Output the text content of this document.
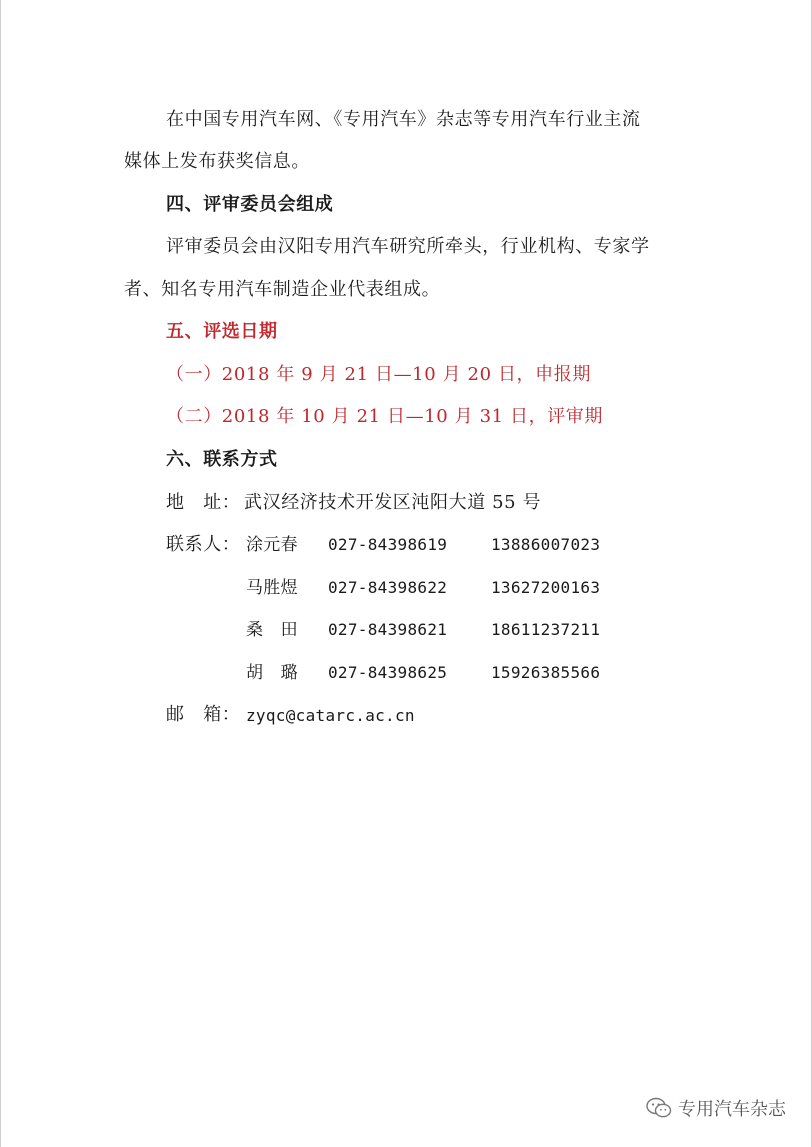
在中国专用汽车网、《专用汽车》杂志等专用汽车行业主流
媒体上发布获奖信息。
四、评审委员会组成
评审委员会由汉阳专用汽车研究所牵头，行业机构、专家学
者、知名专用汽车制造企业代表组成。
五、评选日期
（一）2018 年 9 月 21 日—10 月 20 日，申报期
（二）2018 年 10 月 21 日—10 月 31 日，评审期
六、联系方式
地　址： 武汉经济技术开发区沌阳大道 55 号
联系人： 涂元春 027-84398619	13886007023
马胜煜 027-84398622	13627200163
桑　田 027-84398621	18611237211
胡　璐 027-84398625	15926385566
邮　箱： zyqc@catarc.ac.cn
专用汽车杂志
